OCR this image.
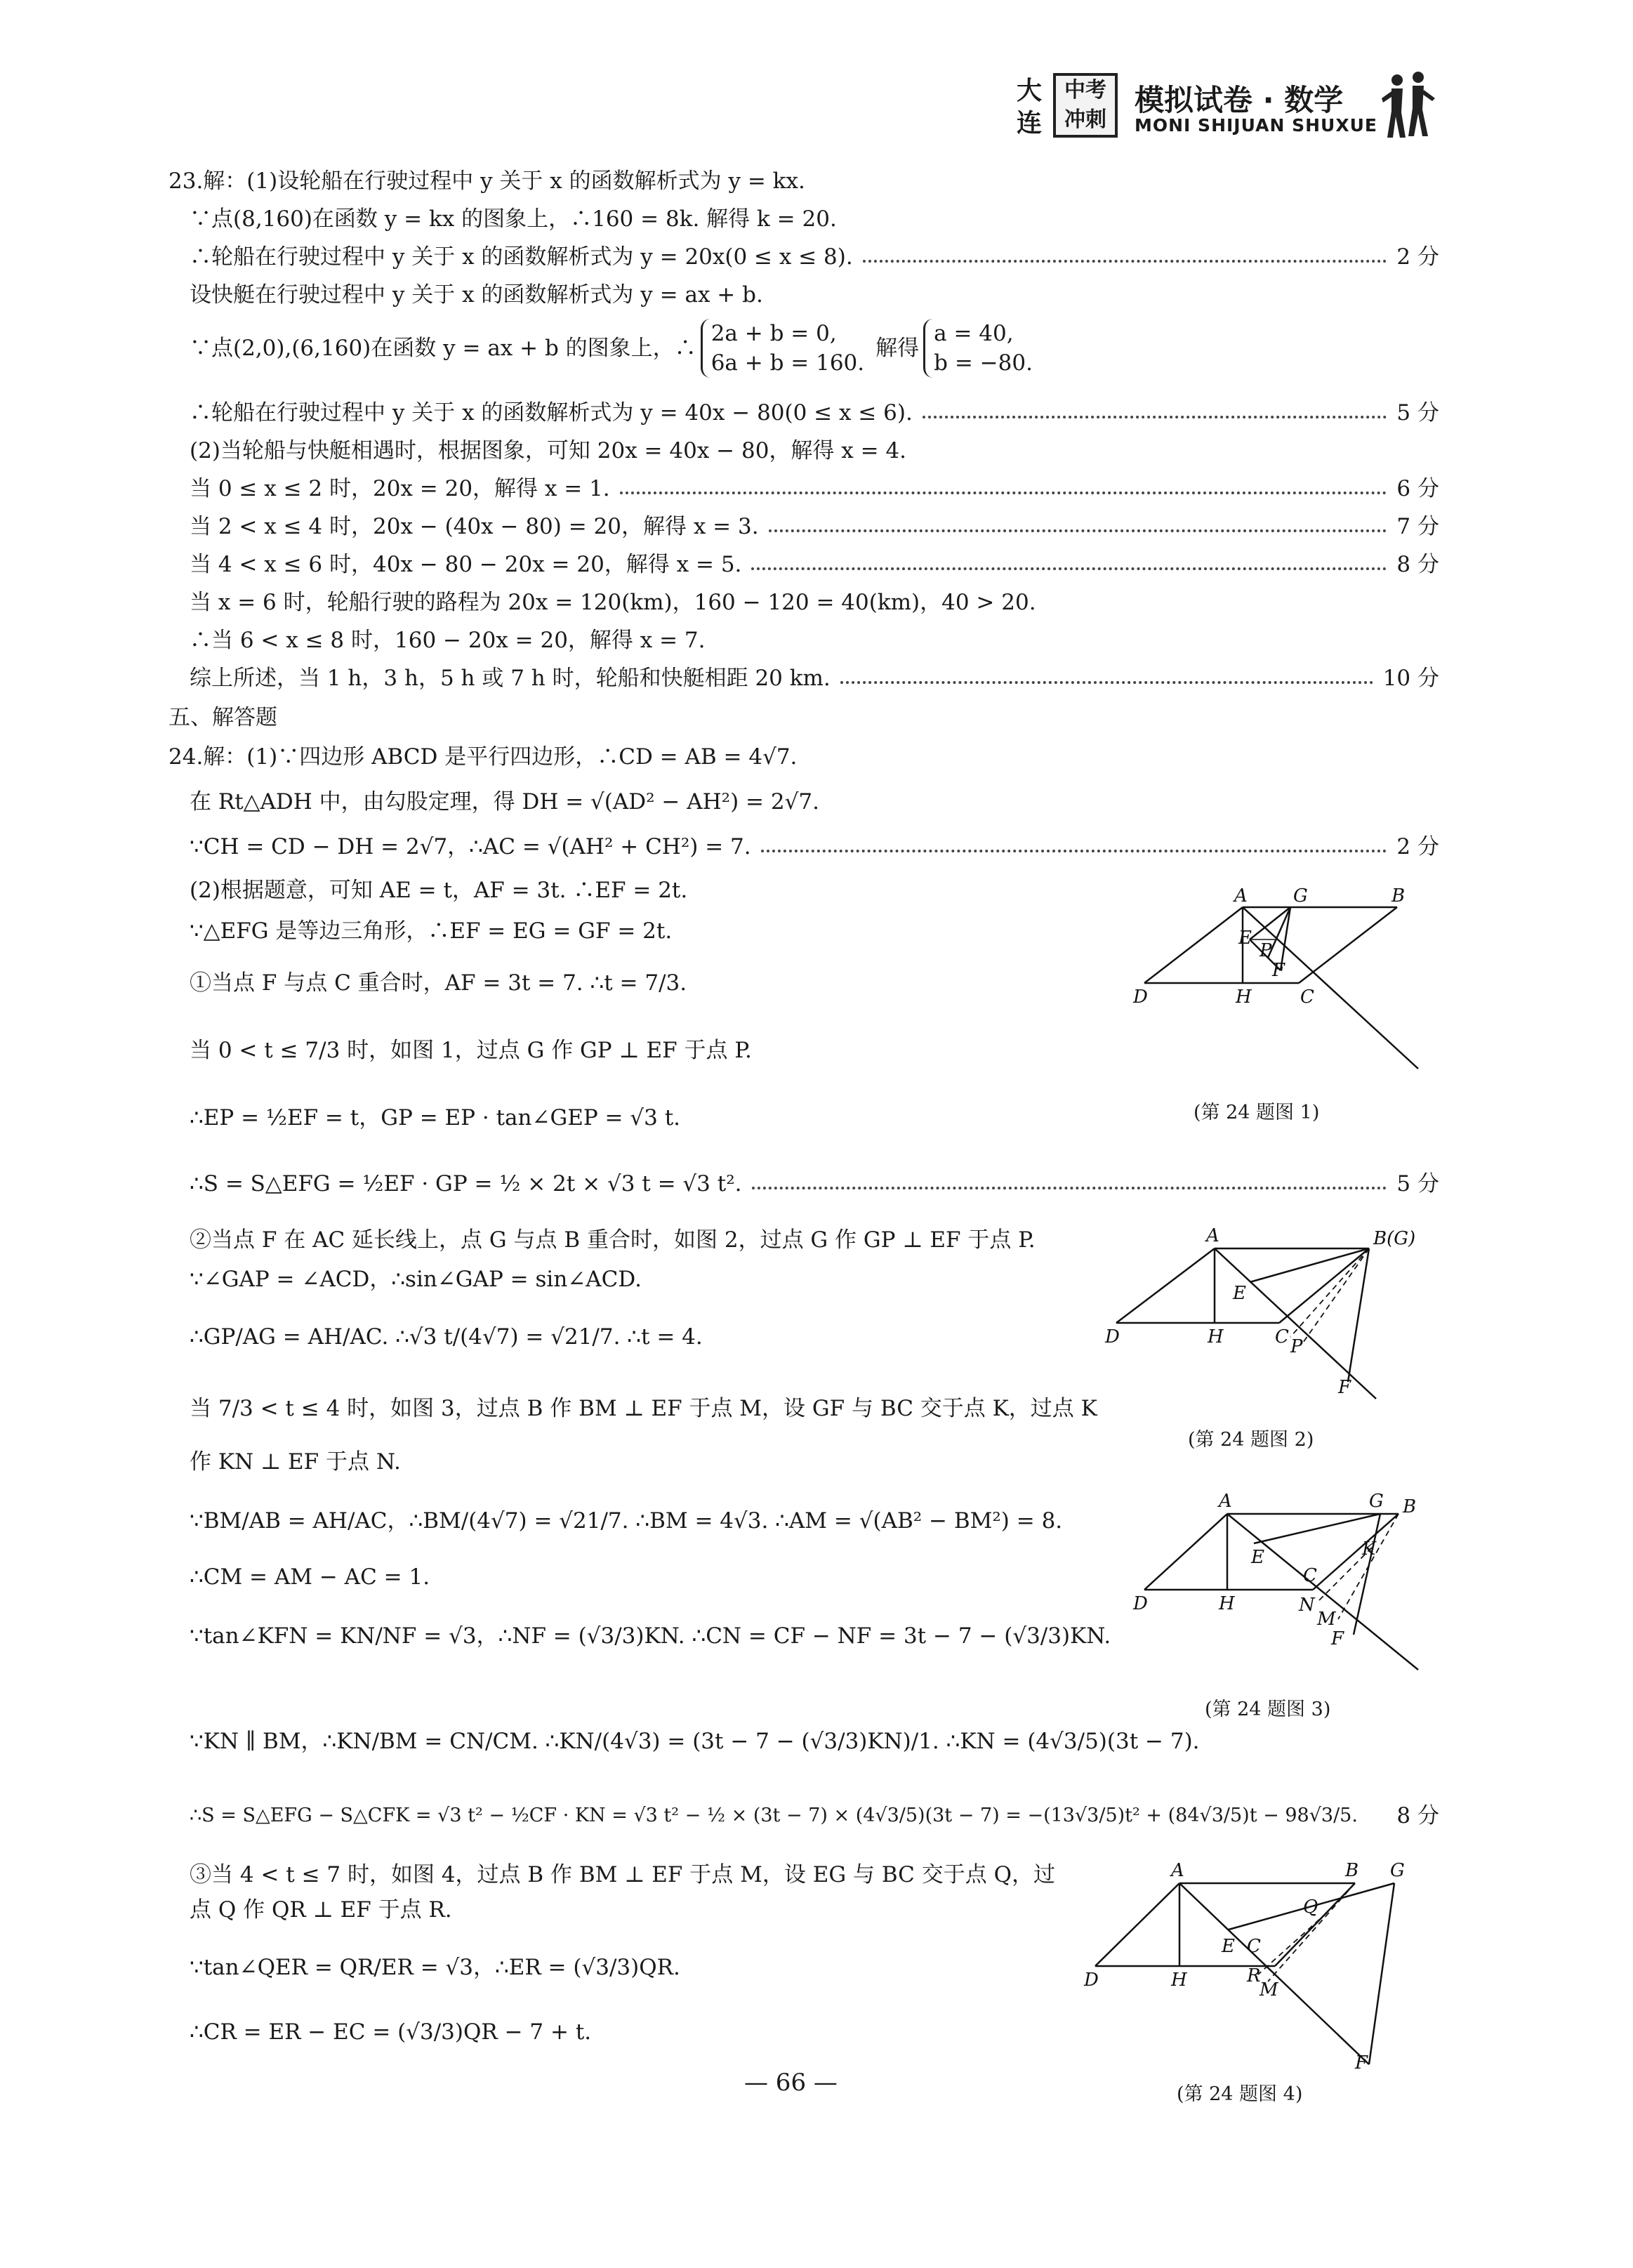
大连
中考冲刺
模拟试卷 · 数学
MONI SHIJUAN SHUXUE
23.解：(1)设轮船在行驶过程中 y 关于 x 的函数解析式为 y = kx.
∵点(8,160)在函数 y = kx 的图象上，∴160 = 8k. 解得 k = 20.
∴轮船在行驶过程中 y 关于 x 的函数解析式为 y = 20x(0 ≤ x ≤ 8).	2 分
设快艇在行驶过程中 y 关于 x 的函数解析式为 y = ax + b.
∵点(2,0),(6,160)在函数 y = ax + b 的图象上，∴
2a + b = 0,
6a + b = 160.
解得
a = 40,
b = −80.
∴轮船在行驶过程中 y 关于 x 的函数解析式为 y = 40x − 80(0 ≤ x ≤ 6).	5 分
(2)当轮船与快艇相遇时，根据图象，可知 20x = 40x − 80，解得 x = 4.
当 0 ≤ x ≤ 2 时，20x = 20，解得 x = 1.	6 分
当 2 < x ≤ 4 时，20x − (40x − 80) = 20，解得 x = 3.	7 分
当 4 < x ≤ 6 时，40x − 80 − 20x = 20，解得 x = 5.	8 分
当 x = 6 时，轮船行驶的路程为 20x = 120(km)，160 − 120 = 40(km)，40 > 20.
∴当 6 < x ≤ 8 时，160 − 20x = 20，解得 x = 7.
综上所述，当 1 h，3 h，5 h 或 7 h 时，轮船和快艇相距 20 km.	10 分
五、解答题
24.解：(1)∵四边形 ABCD 是平行四边形，∴CD = AB = 4√7.
在 Rt△ADH 中，由勾股定理，得 DH = √(AD² − AH²) = 2√7.
∵CH = CD − DH = 2√7，∴AC = √(AH² + CH²) = 7.	2 分
(2)根据题意，可知 AE = t，AF = 3t. ∴EF = 2t.
∵△EFG 是等边三角形，∴EF = EG = GF = 2t.
①当点 F 与点 C 重合时，AF = 3t = 7. ∴t = 7/3.
当 0 < t ≤ 7/3 时，如图 1，过点 G 作 GP ⊥ EF 于点 P.
∴EP = ½EF = t，GP = EP · tan∠GEP = √3 t.
∴S = S△EFG = ½EF · GP = ½ × 2t × √3 t = √3 t².	5 分
②当点 F 在 AC 延长线上，点 G 与点 B 重合时，如图 2，过点 G 作 GP ⊥ EF 于点 P.
∵∠GAP = ∠ACD，∴sin∠GAP = sin∠ACD.
∴GP/AG = AH/AC. ∴√3 t/(4√7) = √21/7. ∴t = 4.
当 7/3 < t ≤ 4 时，如图 3，过点 B 作 BM ⊥ EF 于点 M，设 GF 与 BC 交于点 K，过点 K
作 KN ⊥ EF 于点 N.
∵BM/AB = AH/AC，∴BM/(4√7) = √21/7. ∴BM = 4√3. ∴AM = √(AB² − BM²) = 8.
∴CM = AM − AC = 1.
∵tan∠KFN = KN/NF = √3，∴NF = (√3/3)KN. ∴CN = CF − NF = 3t − 7 − (√3/3)KN.
∵KN ∥ BM，∴KN/BM = CN/CM. ∴KN/(4√3) = (3t − 7 − (√3/3)KN)/1. ∴KN = (4√3/5)(3t − 7).
∴S = S△EFG − S△CFK = √3 t² − ½CF · KN = √3 t² − ½ × (3t − 7) × (4√3/5)(3t − 7) = −(13√3/5)t² + (84√3/5)t − 98√3/5. 8 分
③当 4 < t ≤ 7 时，如图 4，过点 B 作 BM ⊥ EF 于点 M，设 EG 与 BC 交于点 Q，过
点 Q 作 QR ⊥ EF 于点 R.
∵tan∠QER = QR/ER = √3，∴ER = (√3/3)QR.
∴CR = ER − EC = (√3/3)QR − 7 + t.
A	G	B
E
P
F
D	H	C
(第 24 题图 1)
A	B(G)
E
D	H	C P
F
(第 24 题图 2)
A	G B
K
E
C
D	H	N
M
F
(第 24 题图 3)
A	B G
Q
E C
D	H	R
M
F
(第 24 题图 4)
— 66 —
